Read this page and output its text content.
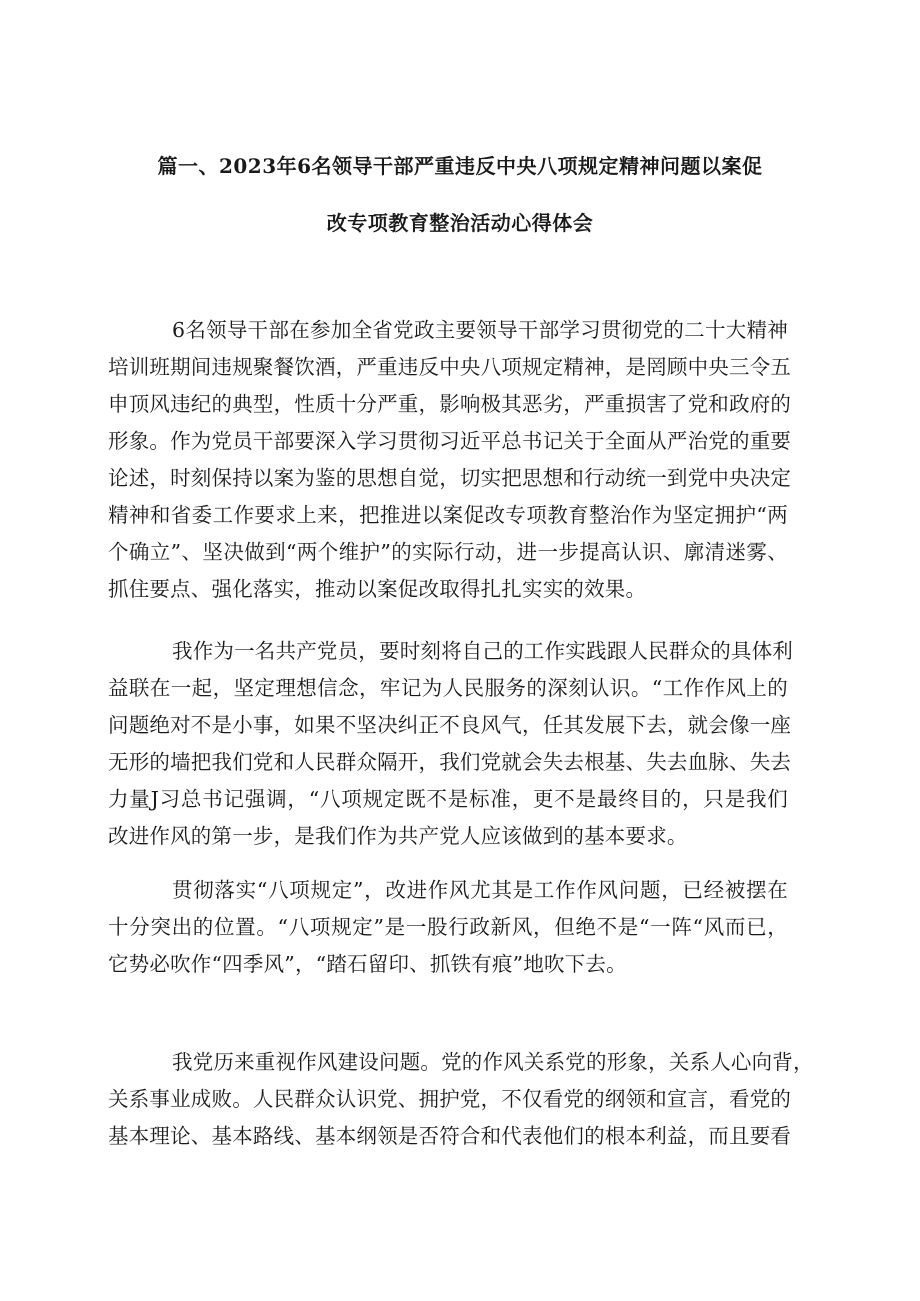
篇一、2023年6名领导干部严重违反中央八项规定精神问题以案促
改专项教育整治活动心得体会
6名领导干部在参加全省党政主要领导干部学习贯彻党的二十大精神
培训班期间违规聚餐饮酒，严重违反中央八项规定精神，是罔顾中央三令五
申顶风违纪的典型，性质十分严重，影响极其恶劣，严重损害了党和政府的
形象。作为党员干部要深入学习贯彻习近平总书记关于全面从严治党的重要
论述，时刻保持以案为鉴的思想自觉，切实把思想和行动统一到党中央决定
精神和省委工作要求上来，把推进以案促改专项教育整治作为坚定拥护“两
个确立”、坚决做到“两个维护”的实际行动，进一步提高认识、廓清迷雾、
抓住要点、强化落实，推动以案促改取得扎扎实实的效果。
我作为一名共产党员，要时刻将自己的工作实践跟人民群众的具体利
益联在一起，坚定理想信念，牢记为人民服务的深刻认识。“工作作风上的
问题绝对不是小事，如果不坚决纠正不良风气，任其发展下去，就会像一座
无形的墙把我们党和人民群众隔开，我们党就会失去根基、失去血脉、失去
力量J习总书记强调，“八项规定既不是标准，更不是最终目的，只是我们
改进作风的第一步，是我们作为共产党人应该做到的基本要求。
贯彻落实“八项规定”，改进作风尤其是工作作风问题，已经被摆在
十分突出的位置。“八项规定”是一股行政新风，但绝不是“一阵“风而已，
它势必吹作“四季风”，“踏石留印、抓铁有痕”地吹下去。
我党历来重视作风建设问题。党的作风关系党的形象，关系人心向背，
关系事业成败。人民群众认识党、拥护党，不仅看党的纲领和宣言，看党的
基本理论、基本路线、基本纲领是否符合和代表他们的根本利益，而且要看
